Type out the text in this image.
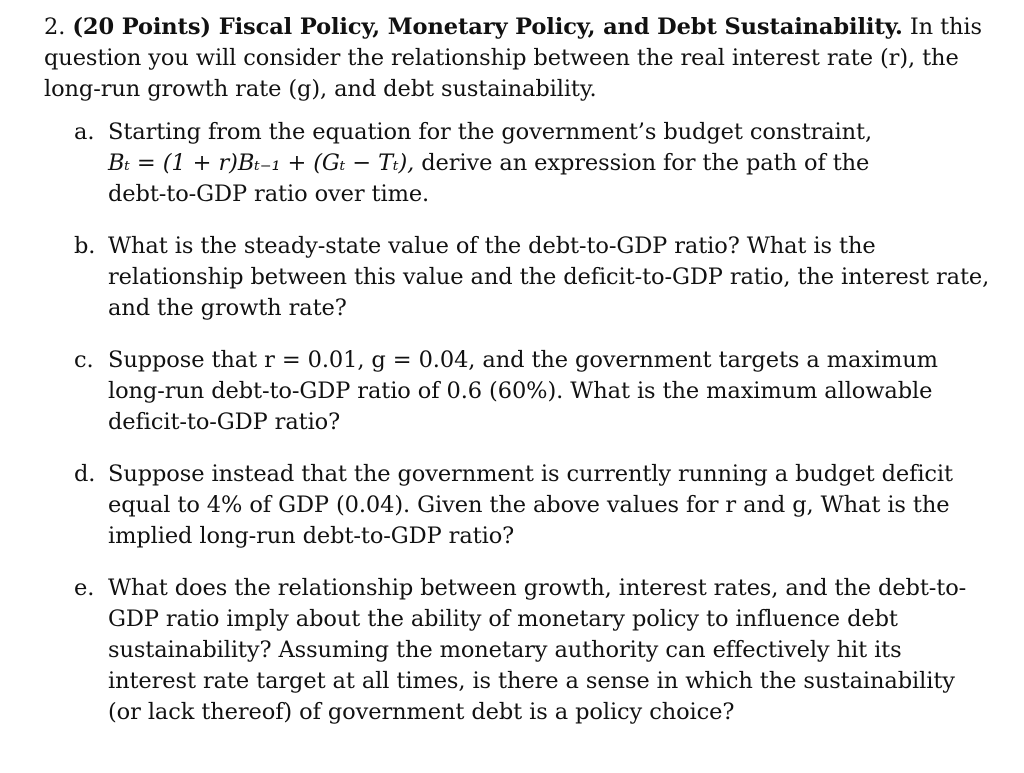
2. (20 Points) Fiscal Policy, Monetary Policy, and Debt Sustainability. In this question you will consider the relationship between the real interest rate (r), the long-run growth rate (g), and debt sustainability.

a. Starting from the equation for the government’s budget constraint,
Bₜ = (1 + r)Bₜ₋₁ + (Gₜ − Tₜ), derive an expression for the path of the
debt-to-GDP ratio over time.
b. What is the steady-state value of the debt-to-GDP ratio? What is the relationship between this value and the deficit-to-GDP ratio, the interest rate, and the growth rate?
c. Suppose that r = 0.01, g = 0.04, and the government targets a maximum long-run debt-to-GDP ratio of 0.6 (60%). What is the maximum allowable deficit-to-GDP ratio?
d. Suppose instead that the government is currently running a budget deficit equal to 4% of GDP (0.04). Given the above values for r and g, What is the implied long-run debt-to-GDP ratio?
e. What does the relationship between growth, interest rates, and the debt-to-GDP ratio imply about the ability of monetary policy to influence debt sustainability? Assuming the monetary authority can effectively hit its interest rate target at all times, is there a sense in which the sustainability (or lack thereof) of government debt is a policy choice?
